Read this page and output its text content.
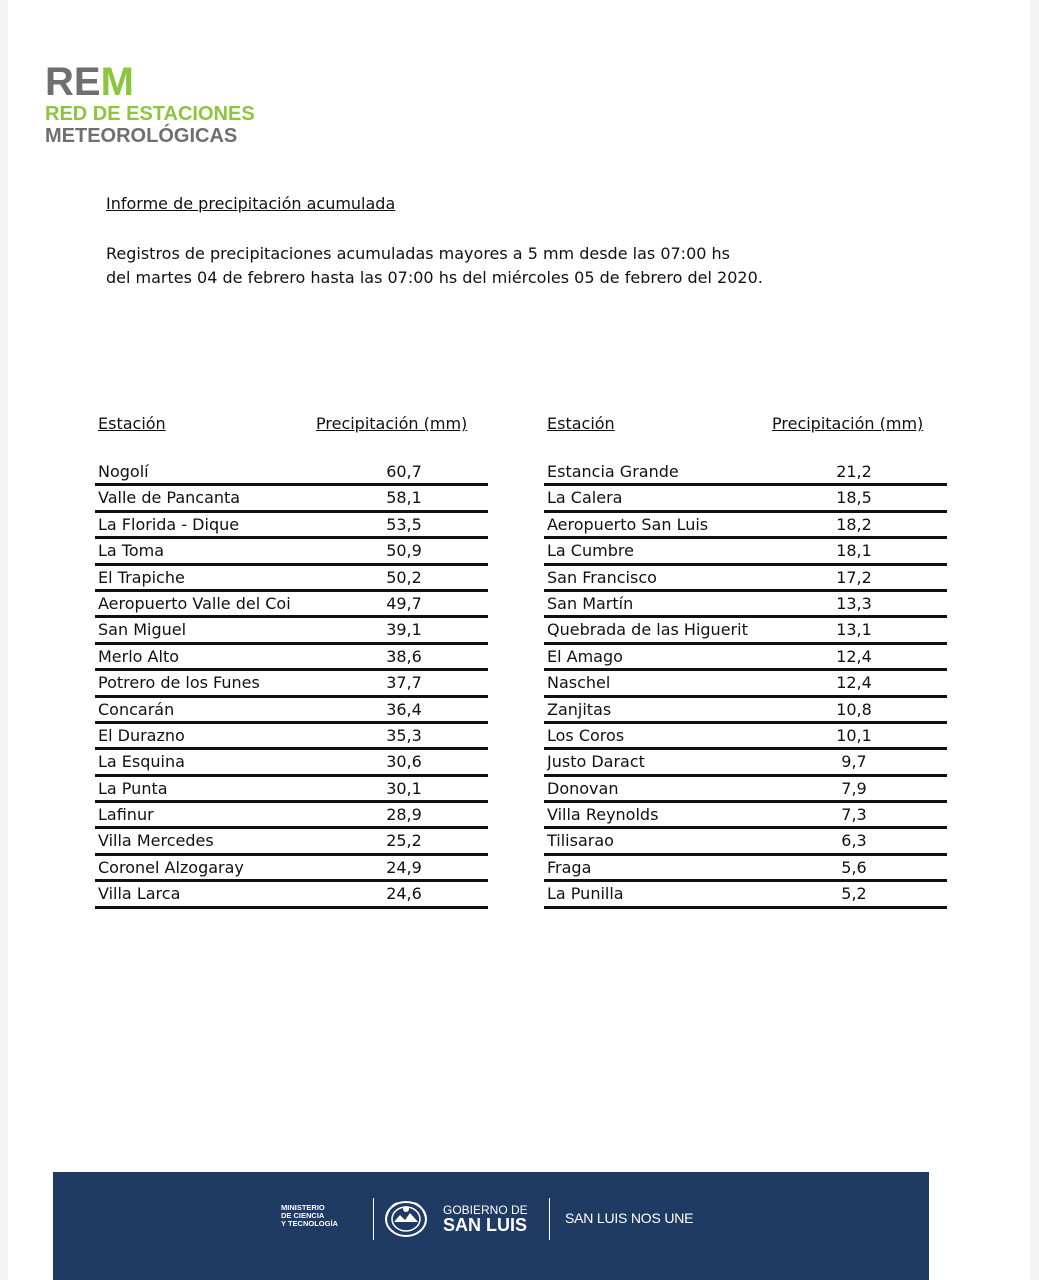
REM
RED DE ESTACIONES
METEOROLÓGICAS
Informe de precipitación acumulada
Registros de precipitaciones acumuladas mayores a 5 mm desde las 07:00 hs
del martes 04 de febrero hasta las 07:00 hs del miércoles 05 de febrero del 2020.
Estación	Precipitación (mm)	Estación	Precipitación (mm)
Nogolí	60,7
Valle de Pancanta	58,1
La Florida - Dique	53,5
La Toma	50,9
El Trapiche	50,2
Aeropuerto Valle del Coi	49,7
San Miguel	39,1
Merlo Alto	38,6
Potrero de los Funes	37,7
Concarán	36,4
El Durazno	35,3
La Esquina	30,6
La Punta	30,1
Lafinur	28,9
Villa Mercedes	25,2
Coronel Alzogaray	24,9
Villa Larca	24,6
Estancia Grande	21,2
La Calera	18,5
Aeropuerto San Luis	18,2
La Cumbre	18,1
San Francisco	17,2
San Martín	13,3
Quebrada de las Higuerit	13,1
El Amago	12,4
Naschel	12,4
Zanjitas	10,8
Los Coros	10,1
Justo Daract	9,7
Donovan	7,9
Villa Reynolds	7,3
Tilisarao	6,3
Fraga	5,6
La Punilla	5,2
MINISTERIO
DE CIENCIA
Y TECNOLOGÍA
GOBIERNO DE
SAN LUIS	SAN LUIS NOS UNE
